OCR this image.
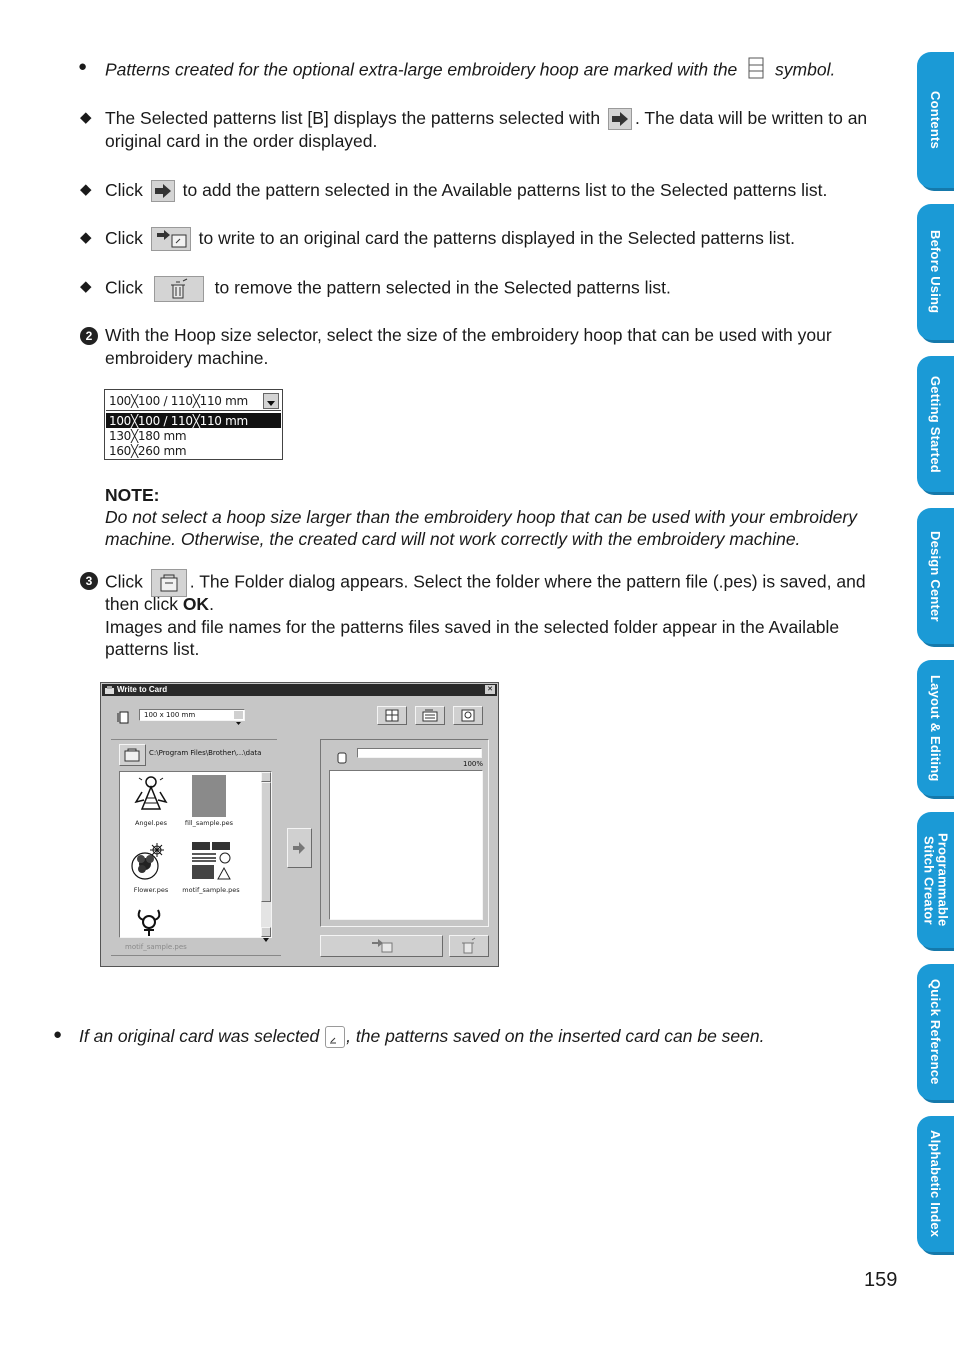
● Patterns created for the optional extra-large embroidery hoop are marked with the symbol.
◆ The Selected patterns list [B] displays the patterns selected with . The data will be written to an
original card in the order displayed.
◆ Click to add the pattern selected in the Available patterns list to the Selected patterns list.
◆ Click	to write to an original card the patterns displayed in the Selected patterns list.
◆ Click	to remove the pattern selected in the Selected patterns list.
2 With the Hoop size selector, select the size of the embroidery hoop that can be used with your
embroidery machine.
100╳100 / 110╳110 mm
100╳100 / 110╳110 mm
130╳180 mm
160╳260 mm
NOTE:
Do not select a hoop size larger than the embroidery hoop that can be used with your embroidery
machine. Otherwise, the created card will not work correctly with the embroidery machine.
3 Click	. The Folder dialog appears. Select the folder where the pattern file (.pes) is saved, and
then click OK.
Images and file names for the patterns files saved in the selected folder appear in the Available
patterns list.
Write to Card	✕
100 x 100 mm
C:\Program Files\Brother\...\data
Angel.pes	fill_sample.pes
Flower.pes	motif_sample.pes
motif_sample.pes
100%
● If an original card was selected , the patterns saved on the inserted card can be seen.
Contents
Before Using
Getting Started
Design Center
Layout & Editing
Programmable
Stitch Creator
Quick Reference
Alphabetic Index
159
